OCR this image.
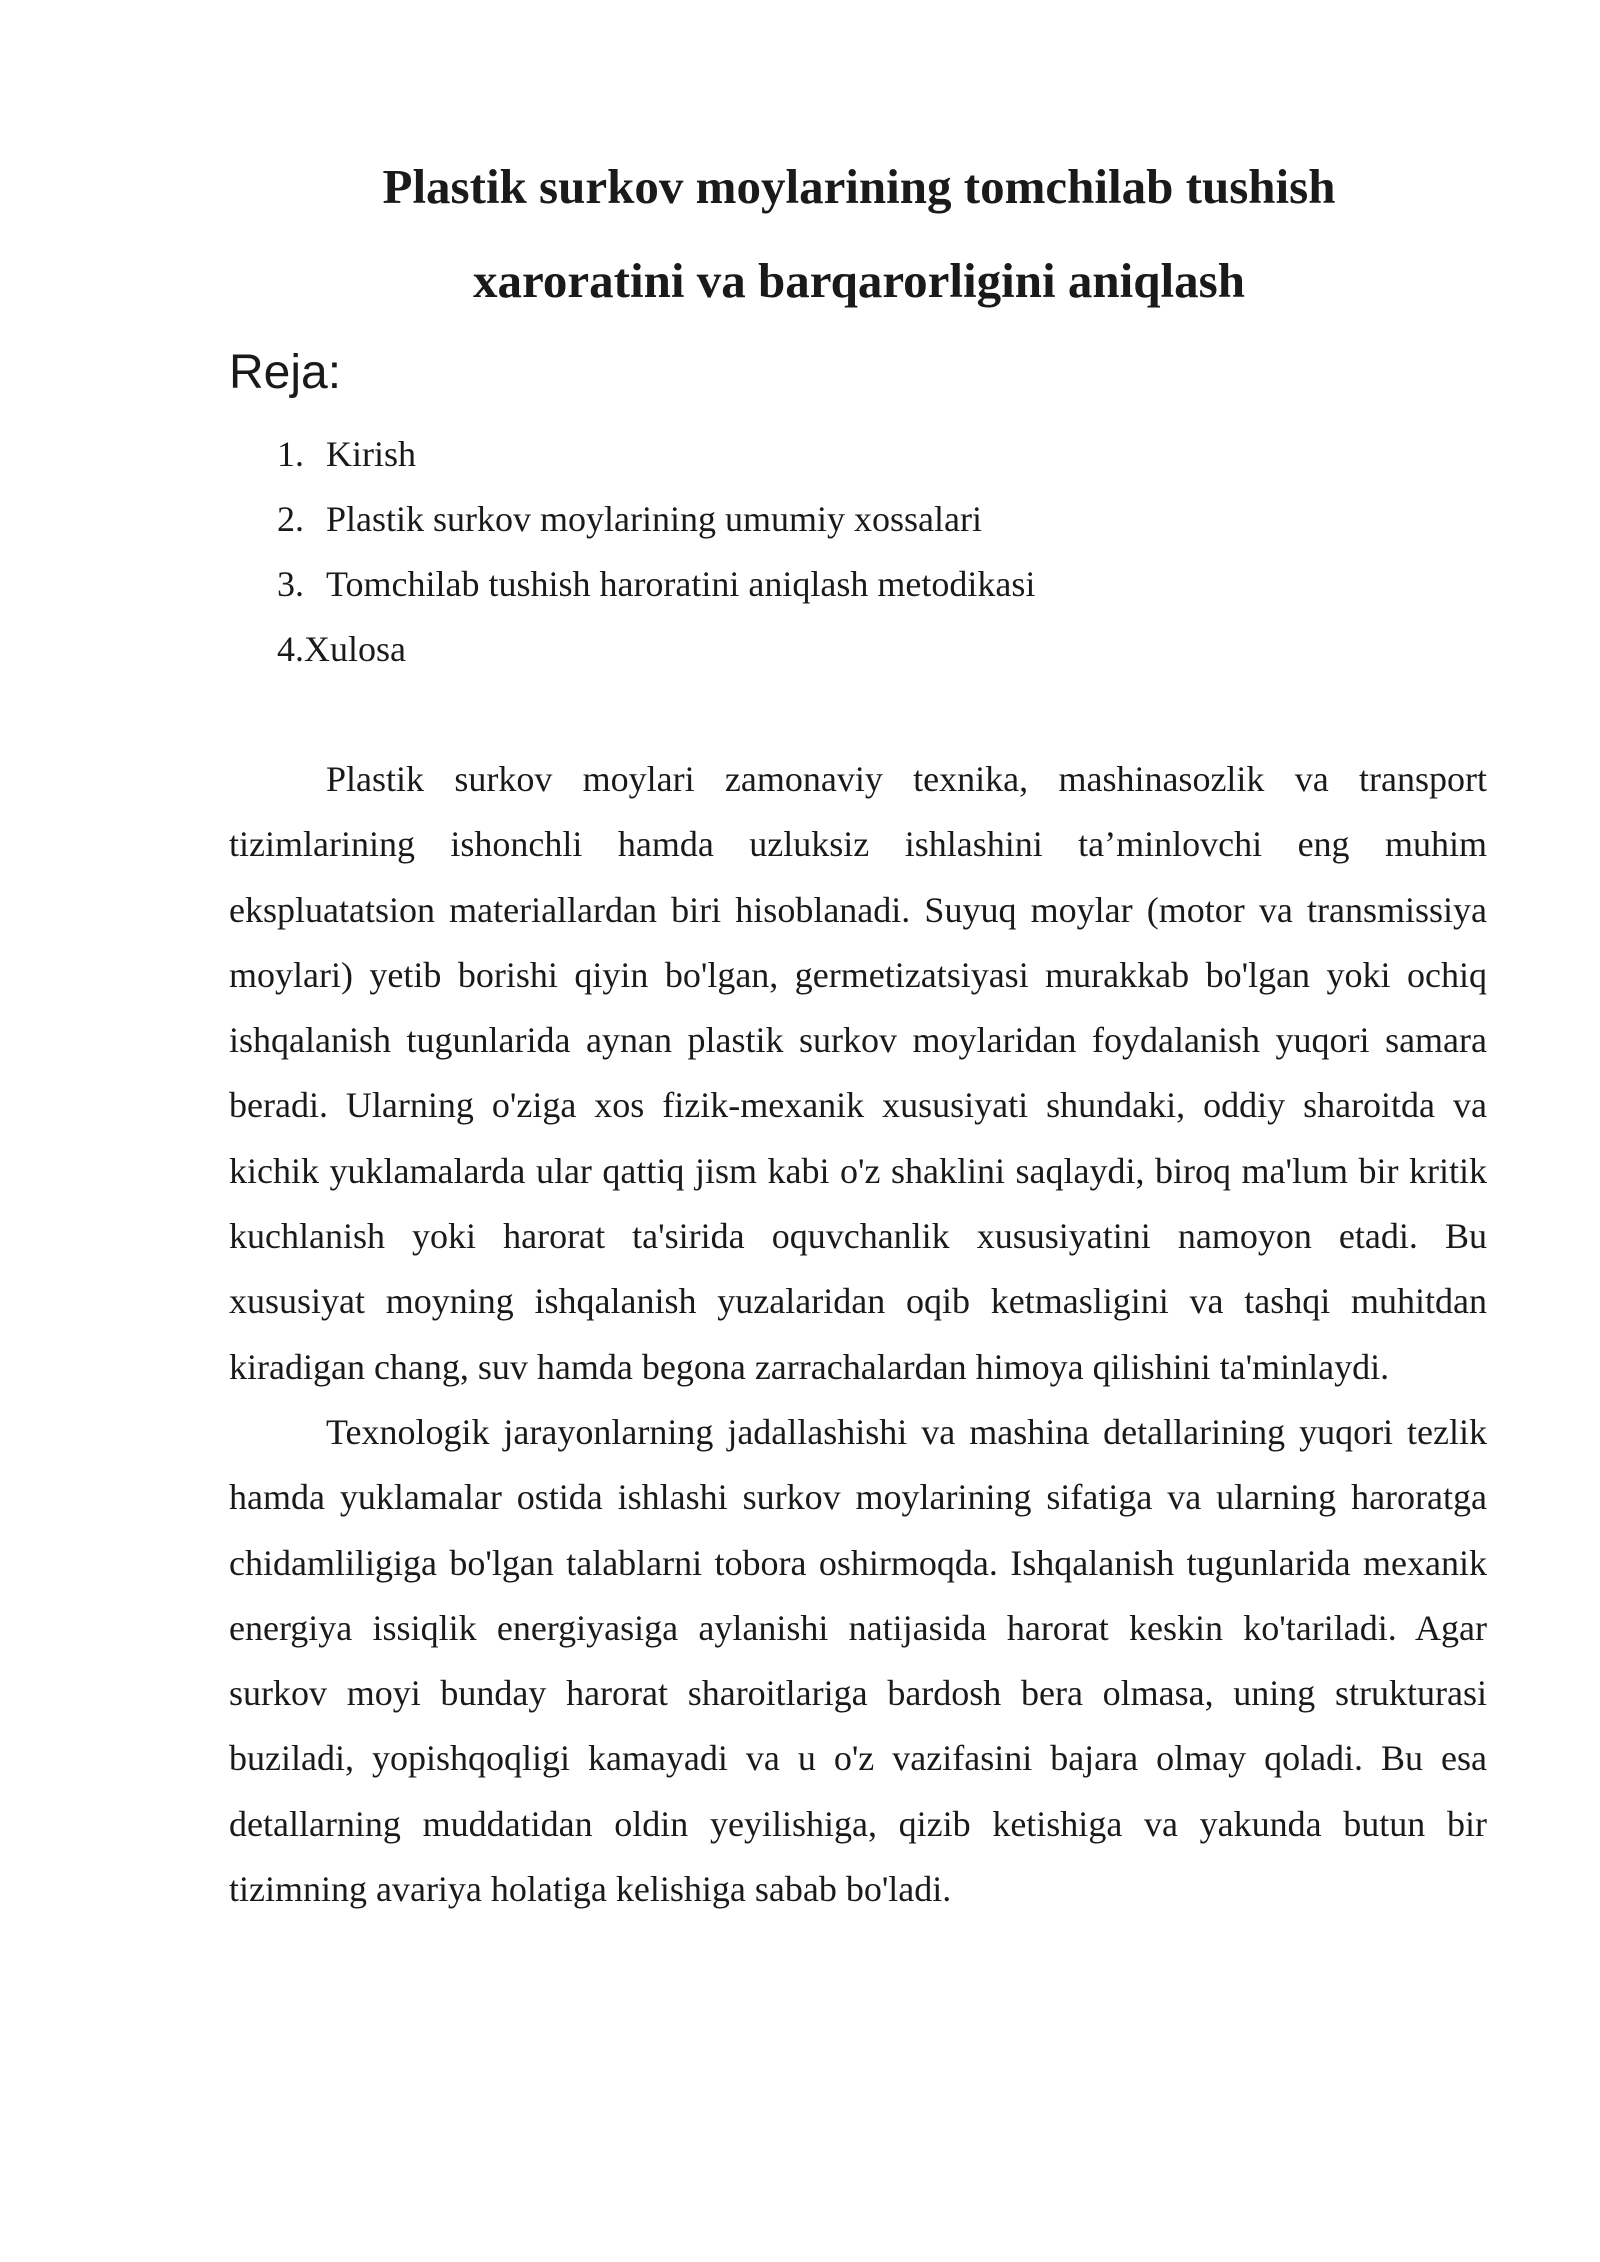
Plastik surkov moylarining tomchilab tushish
xaroratini va barqarorligini aniqlash
Reja:
1. Kirish
2. Plastik surkov moylarining umumiy xossalari
3. Tomchilab tushish haroratini aniqlash metodikasi
4.Xulosa

Plastik surkov moylari zamonaviy texnika, mashinasozlik va transport tizimlarining ishonchli hamda uzluksiz ishlashini ta’minlovchi eng muhim ekspluatatsion materiallardan biri hisoblanadi. Suyuq moylar (motor va transmissiya moylari) yetib borishi qiyin bo'lgan, germetizatsiyasi murakkab bo'lgan yoki ochiq ishqalanish tugunlarida aynan plastik surkov moylaridan foydalanish yuqori samara beradi. Ularning o'ziga xos fizik-mexanik xususiyati shundaki, oddiy sharoitda va kichik yuklamalarda ular qattiq jism kabi o'z shaklini saqlaydi, biroq ma'lum bir kritik kuchlanish yoki harorat ta'sirida oquvchanlik xususiyatini namoyon etadi. Bu xususiyat moyning ishqalanish yuzalaridan oqib ketmasligini va tashqi muhitdan kiradigan chang, suv hamda begona zarrachalardan himoya qilishini ta'minlaydi.

Texnologik jarayonlarning jadallashishi va mashina detallarining yuqori tezlik hamda yuklamalar ostida ishlashi surkov moylarining sifatiga va ularning haroratga chidamliligiga bo'lgan talablarni tobora oshirmoqda. Ishqalanish tugunlarida mexanik energiya issiqlik energiyasiga aylanishi natijasida harorat keskin ko'tariladi. Agar surkov moyi bunday harorat sharoitlariga bardosh bera olmasa, uning strukturasi buziladi, yopishqoqligi kamayadi va u o'z vazifasini bajara olmay qoladi. Bu esa detallarning muddatidan oldin yeyilishiga, qizib ketishiga va yakunda butun bir tizimning avariya holatiga kelishiga sabab bo'ladi.
